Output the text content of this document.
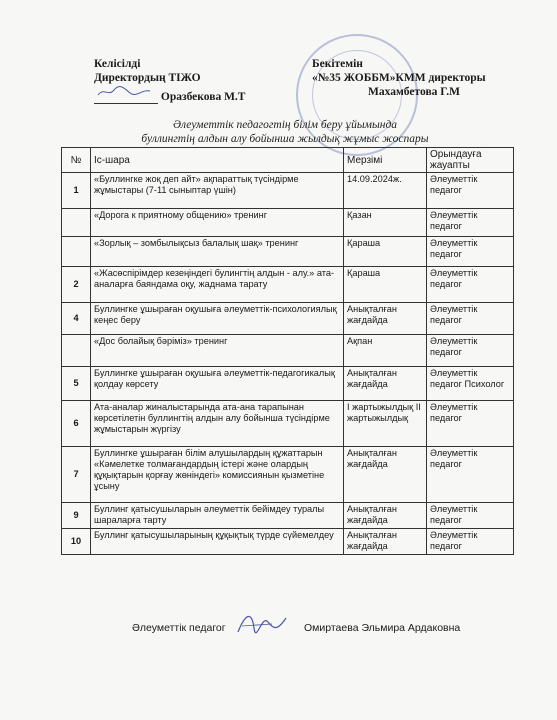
Келісілді
Директордың ТІЖО
Оразбекова М.Т
Бекітемін
«№35 ЖОББМ»КММ директоры
Махамбетова Г.М
Әлеуметтік педагогтің білім беру ұйымында
буллингтің алдын алу бойынша жылдық жұмыс жоспары
№	Іс-шара	Мерзімі	Орындауға жауапты
1	«Буллингке жоқ деп айт» ақпараттық түсіндірме жұмыстары (7-11 сыныптар үшін)	14.09.2024ж.	Әлеуметтік педагог
	«Дорога к приятному общению» тренинг	Қазан	Әлеуметтік педагог
	«Зорлық – зомбылықсыз балалық шақ» тренинг	Қараша	Әлеуметтік педагог
2	«Жасөспірімдер кезеңіндегі булингтің алдын - алу.» ата- аналарға баяндама оқу, жаднама тарату	Қараша	Әлеуметтік педагог
4	Буллингке ұшыраған оқушыға әлеуметтік-психологиялық кеңес беру	Анықталған жағдайда	Әлеуметтік педагог
	«Дос болайық бәріміз» тренинг	Ақпан	Әлеуметтік педагог
5	Буллингке ұшыраған оқушыға әлеуметтік-педагогикалық қолдау көрсету	Анықталған жағдайда	Әлеуметтік педагог Психолог
6	Ата-аналар жиналыстарында ата-ана тарапынан көрсетілетін буллингтің алдын алу бойынша түсіндірме жұмыстарын жүргізу	І жартыжылдық ІІ жартыжылдық	Әлеуметтік педагог
7	Буллингке ұшыраған білім алушылардың құжаттарын «Кәмелетке толмағандардың істері және олардың құқықтарын қорғау жөніндегі» комиссиянын қызметіне ұсыну	Анықталған жағдайда	Әлеуметтік педагог
9	Буллинг қатысушыларын әлеуметтік бейімдеу туралы шараларға тарту	Анықталған жағдайда	Әлеуметтік педагог
10	Буллинг қатысушыларының құқықтық түрде сүйемелдеу	Анықталған жағдайда	Әлеуметтік педагог
Әлеуметтік педагог	Омиртаева Эльмира Ардаковна
